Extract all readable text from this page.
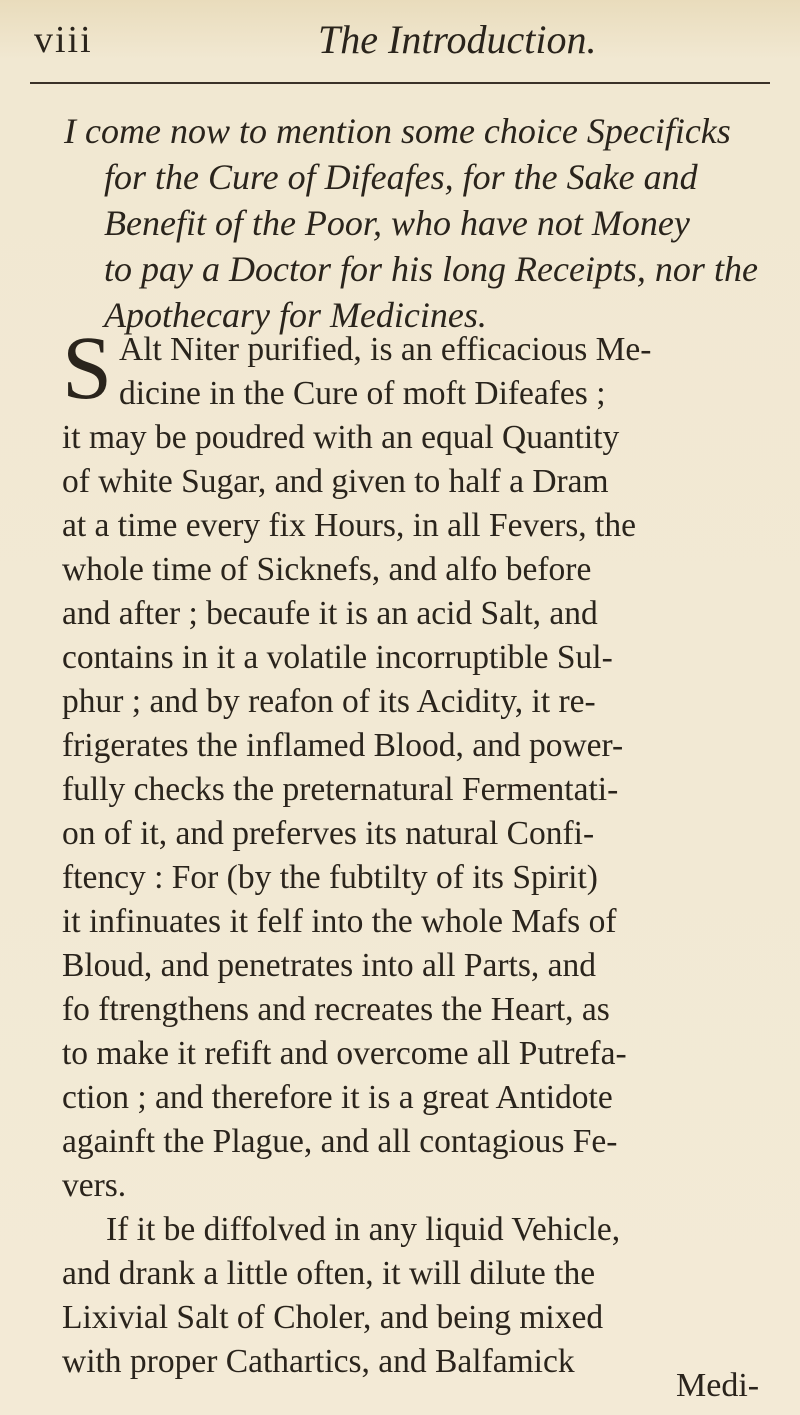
viii	The Introduction.
I come now to mention some choice Specificks
for the Cure of Difeafes, for the Sake and
Benefit of the Poor, who have not Money
to pay a Doctor for his long Receipts, nor the
Apothecary for Medicines.
S Alt Niter purified, is an efficacious Me-
dicine in the Cure of moft Difeafes ;
it may be poudred with an equal Quantity
of white Sugar, and given to half a Dram
at a time every fix Hours, in all Fevers, the
whole time of Sicknefs, and alfo before
and after ; becaufe it is an acid Salt, and
contains in it a volatile incorruptible Sul-
phur ; and by reafon of its Acidity, it re-
frigerates the inflamed Blood, and power-
fully checks the preternatural Fermentati-
on of it, and preferves its natural Confi-
ftency : For (by the fubtilty of its Spirit)
it infinuates it felf into the whole Mafs of
Bloud, and penetrates into all Parts, and
fo ftrengthens and recreates the Heart, as
to make it refift and overcome all Putrefa-
ction ; and therefore it is a great Antidote
againft the Plague, and all contagious Fe-
vers.
If it be diffolved in any liquid Vehicle,
and drank a little often, it will dilute the
Lixivial Salt of Choler, and being mixed
with proper Cathartics, and Balfamick
Medi-
